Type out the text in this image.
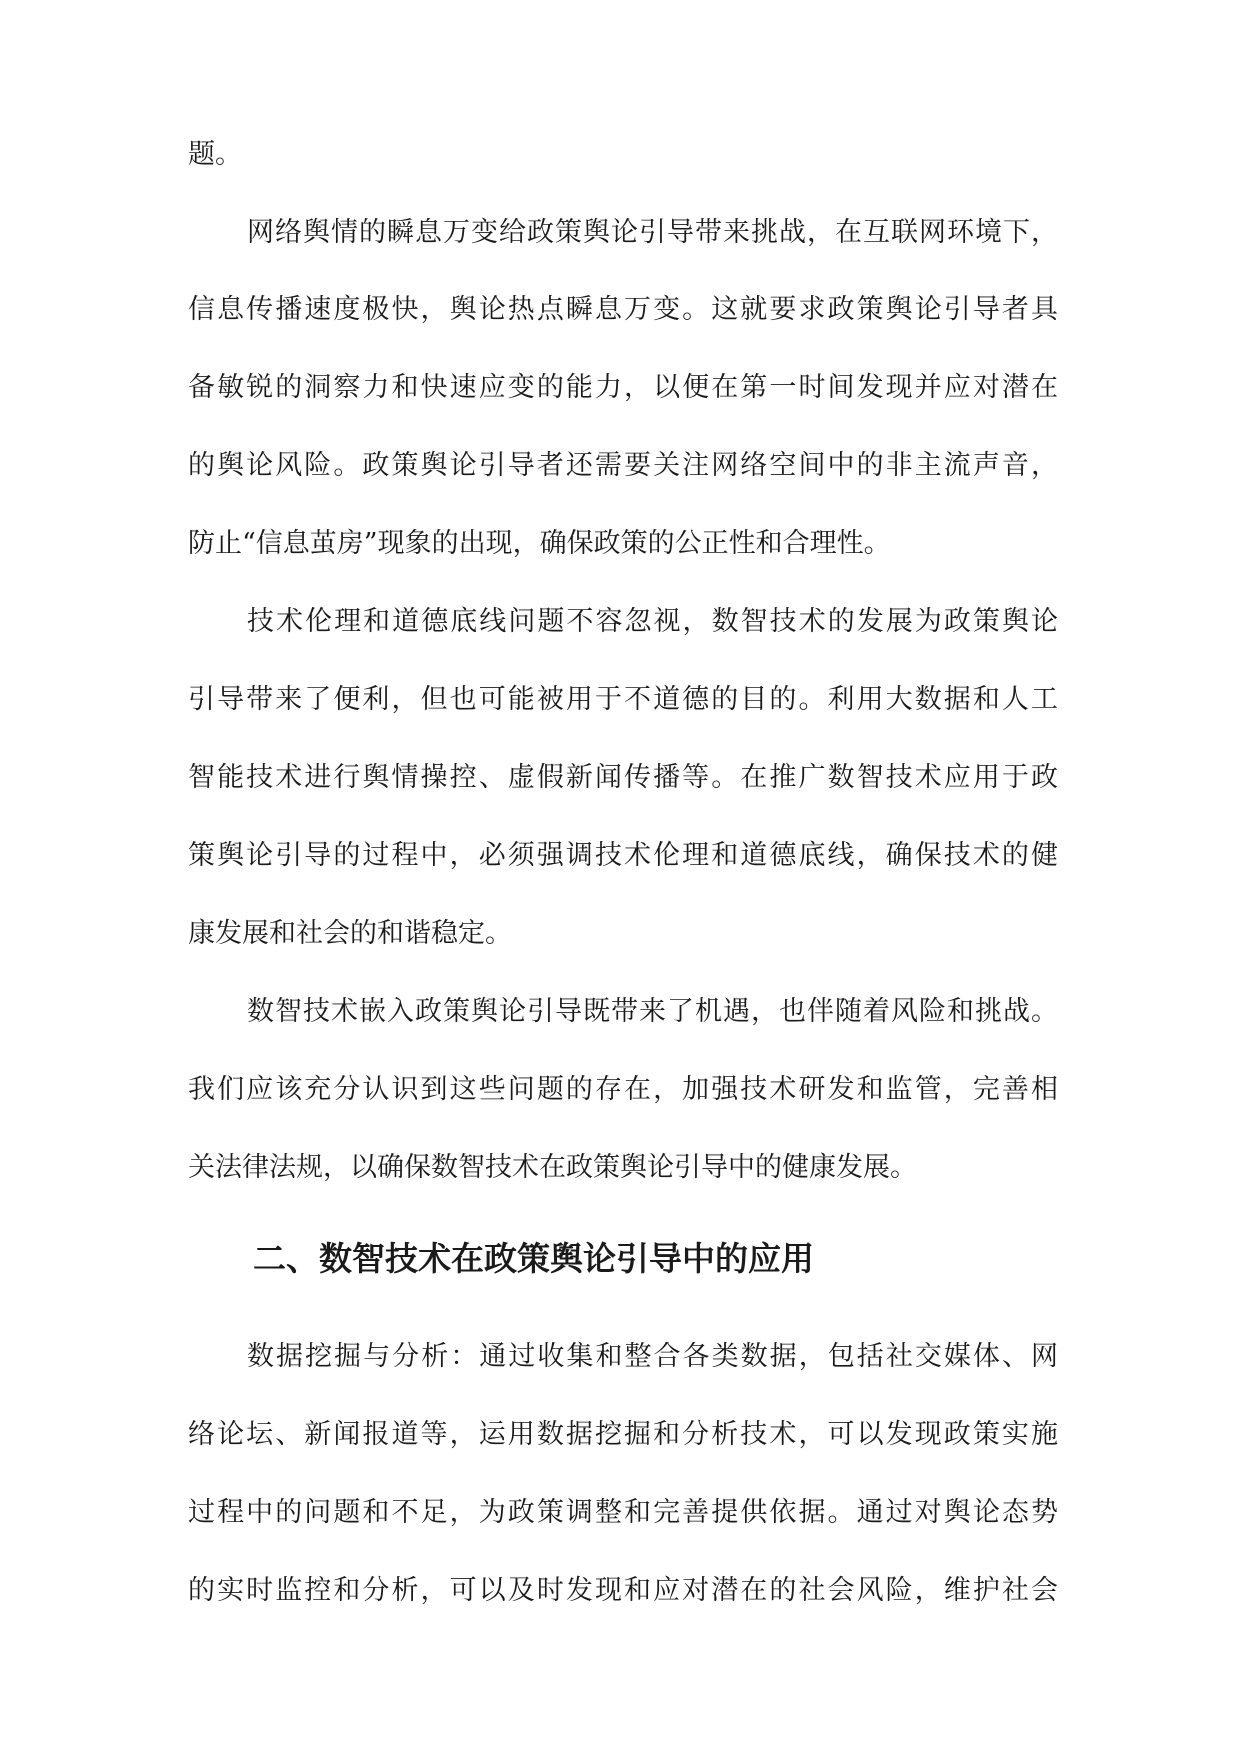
题。

网络舆情的瞬息万变给政策舆论引导带来挑战，在互联网环境下，

信息传播速度极快，舆论热点瞬息万变。这就要求政策舆论引导者具

备敏锐的洞察力和快速应变的能力，以便在第一时间发现并应对潜在

的舆论风险。政策舆论引导者还需要关注网络空间中的非主流声音，

防止“信息茧房”现象的出现，确保政策的公正性和合理性。

技术伦理和道德底线问题不容忽视，数智技术的发展为政策舆论

引导带来了便利，但也可能被用于不道德的目的。利用大数据和人工

智能技术进行舆情操控、虚假新闻传播等。在推广数智技术应用于政

策舆论引导的过程中，必须强调技术伦理和道德底线，确保技术的健

康发展和社会的和谐稳定。

数智技术嵌入政策舆论引导既带来了机遇，也伴随着风险和挑战。

我们应该充分认识到这些问题的存在，加强技术研发和监管，完善相

关法律法规，以确保数智技术在政策舆论引导中的健康发展。

二、数智技术在政策舆论引导中的应用

数据挖掘与分析：通过收集和整合各类数据，包括社交媒体、网

络论坛、新闻报道等，运用数据挖掘和分析技术，可以发现政策实施

过程中的问题和不足，为政策调整和完善提供依据。通过对舆论态势

的实时监控和分析，可以及时发现和应对潜在的社会风险，维护社会
